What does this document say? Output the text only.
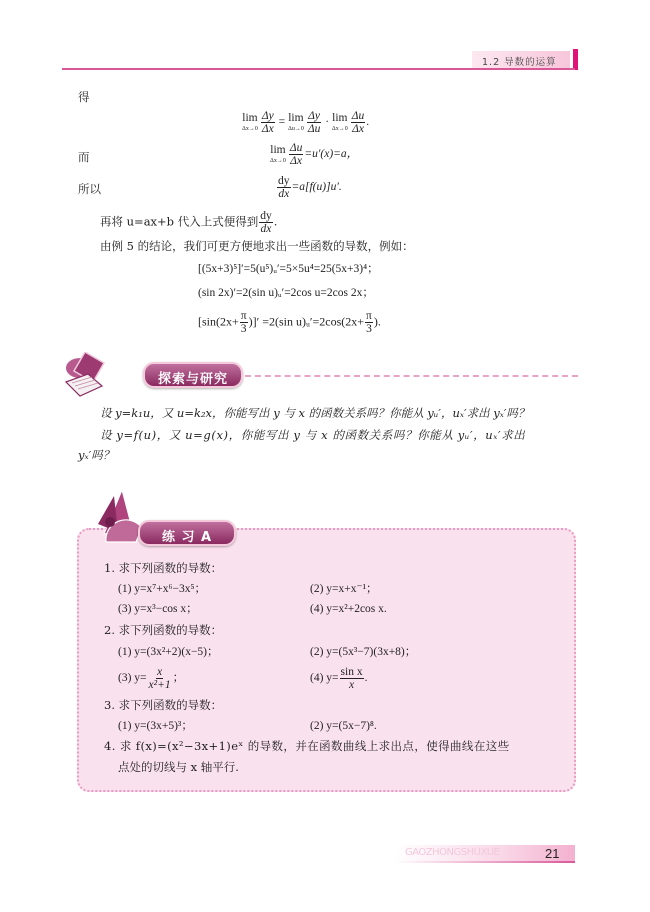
1.2 导数的运算
得
lim
$\Delta x\to 0 \frac{\Delta y}{\Delta x} = \lim$
$\Delta u\to 0 \frac{\Delta y}{\Delta u} \cdot \lim$
$\Delta x\to 0 \frac{\Delta u}{\Delta x}$ .
而	lim
$\Delta x\to 0 \frac{\Delta u}{\Delta x} =u'(x)=a$，
所以	$\frac{dy}{dx} =a[f(u)]u'$.
再将 u=ax+b 代入上式便得到 $\frac{dy}{dx}$ .
由例 5 的结论，我们可更方便地求出一些函数的导数，例如：
[(5x+3)⁵]′=5(u⁵)ᵤ′=5×5u⁴=25(5x+3)⁴；
(sin 2x)′=2(sin u)ᵤ′=2cos u=2cos 2x；
[$\sin(2x+ \frac{\pi}{3}$ )]′ =2(sin u)ᵤ′=2cos(2x+ $\frac{\pi}{3}$ ).
探索与研究
设 y=k₁u，又 u=k₂x，你能写出 y 与 x 的函数关系吗？你能从 yᵤ′，uₓ′求出 yₓ′吗？
设 y=f(u)，又 u=g(x)，你能写出 y 与 x 的函数关系吗？你能从 yᵤ′，uₓ′求出
yₓ′吗？
练 习 A
1. 求下列函数的导数：
(1) y=x⁷+x⁶−3x⁵；	(2) y=x+x⁻¹；
(3) y=x³−cos x；	(4) y=x²+2cos x.
2. 求下列函数的导数：
(1) y=(3x²+2)(x−5)；	(2) y=(5x³−7)(3x+8)；
(3) $y= \frac{x}{\text{x²+1}}$ ；	(4) $y= \frac{\text{sin x}}{x}$ .
3. 求下列函数的导数：
(1) y=(3x+5)³；	(2) y=(5x−7)⁸.
4. 求 f(x)=(x²−3x+1)eˣ 的导数，并在函数曲线上求出点，使得曲线在这些
点处的切线与 x 轴平行.
GAOZHONGSHUXUE	21
